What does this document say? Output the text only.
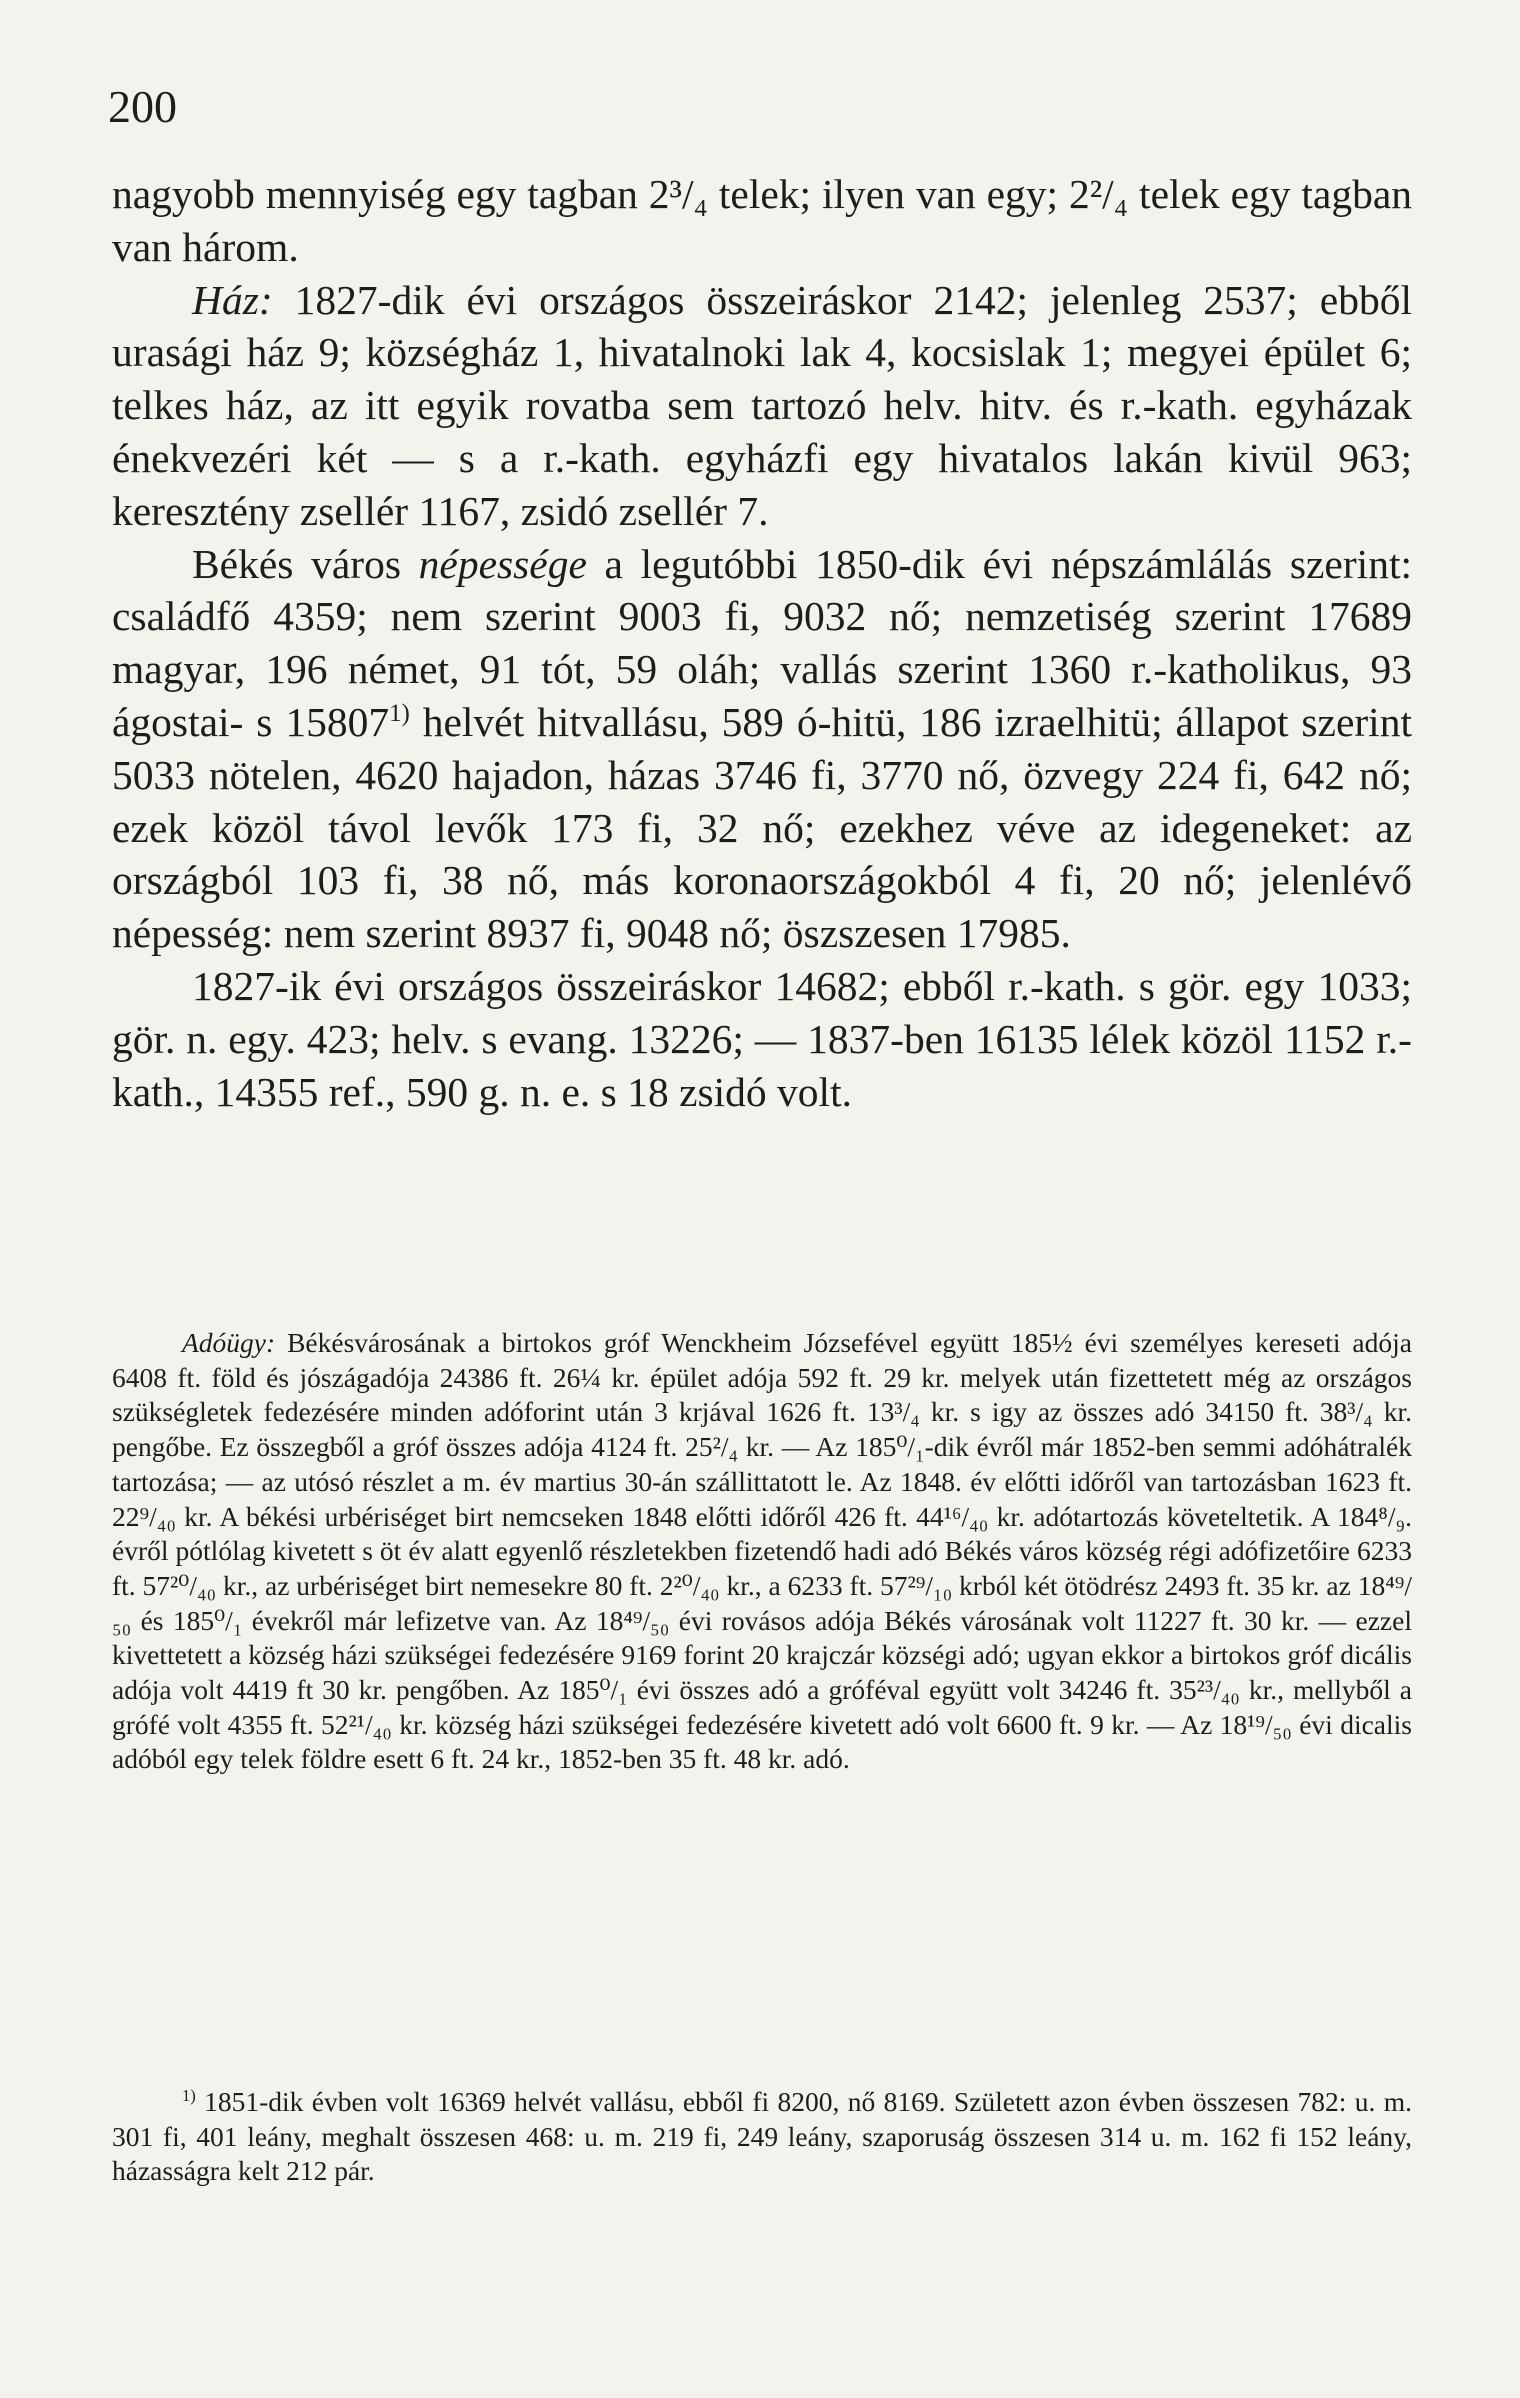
200

nagyobb mennyiség egy tagban 2³/₄ telek; ilyen van egy; 2²/₄ telek egy tagban van három.

Ház: 1827-dik évi országos összeiráskor 2142; jelenleg 2537; ebből urasági ház 9; községház 1, hivatalnoki lak 4, kocsislak 1; megyei épület 6; telkes ház, az itt egyik rovatba sem tartozó helv. hitv. és r.-kath. egyházak énekvezéri két — s a r.-kath. egyházfi egy hivatalos lakán kivül 963; keresztény zsellér 1167, zsidó zsellér 7.

Békés város népessége a legutóbbi 1850-dik évi népszámlálás szerint: családfő 4359; nem szerint 9003 fi, 9032 nő; nemzetiség szerint 17689 magyar, 196 német, 91 tót, 59 oláh; vallás szerint 1360 r.-katholikus, 93 ágostai- s 15807$^{1)}$ helvét hitvallásu, 589 ó-hitü, 186 izraelhitü; állapot szerint 5033 nötelen, 4620 hajadon, házas 3746 fi, 3770 nő, özvegy 224 fi, 642 nő; ezek közöl távol levők 173 fi, 32 nő; ezekhez véve az idegeneket: az országból 103 fi, 38 nő, más koronaországokból 4 fi, 20 nő; jelenlévő népesség: nem szerint 8937 fi, 9048 nő; öszszesen 17985.

1827-ik évi országos összeiráskor 14682; ebből r.-kath. s gör. egy 1033; gör. n. egy. 423; helv. s evang. 13226; — 1837-ben 16135 lélek közöl 1152 r.-kath., 14355 ref., 590 g. n. e. s 18 zsidó volt.

Adóügy: Békésvárosának a birtokos gróf Wenckheim Józsefével együtt 185½ évi személyes kereseti adója 6408 ft. föld és jószágadója 24386 ft. 26¼ kr. épület adója 592 ft. 29 kr. melyek után fizettetett még az országos szükségletek fedezésére minden adóforint után 3 krjával 1626 ft. 13³/₄ kr. s igy az összes adó 34150 ft. 38³/₄ kr. pengőbe. Ez összegből a gróf összes adója 4124 ft. 25²/₄ kr. — Az 185⁰/₁-dik évről már 1852-ben semmi adóhátralék tartozása; — az utósó részlet a m. év martius 30-án szállittatott le. Az 1848. év előtti időről van tartozásban 1623 ft. 22⁹/₄₀ kr. A békési urbériséget birt nemcseken 1848 előtti időről 426 ft. 44¹⁶/₄₀ kr. adótartozás követeltetik. A 184⁸/₉. évről pótlólag kivetett s öt év alatt egyenlő részletekben fizetendő hadi adó Békés város község régi adófizetőire 6233 ft. 57²⁰/₄₀ kr., az urbériséget birt nemesekre 80 ft. 2²⁰/₄₀ kr., a 6233 ft. 57²⁹/₁₀ krból két ötödrész 2493 ft. 35 kr. az 18⁴⁹/₅₀ és 185⁰/₁ évekről már lefizetve van. Az 18⁴⁹/₅₀ évi rovásos adója Békés városának volt 11227 ft. 30 kr. — ezzel kivettetett a község házi szükségei fedezésére 9169 forint 20 krajczár községi adó; ugyan ekkor a birtokos gróf dicális adója volt 4419 ft 30 kr. pengőben. Az 185⁰/₁ évi összes adó a gróféval együtt volt 34246 ft. 35²³/₄₀ kr., mellyből a grófé volt 4355 ft. 52²¹/₄₀ kr. község házi szükségei fedezésére kivetett adó volt 6600 ft. 9 kr. — Az 18¹⁹/₅₀ évi dicalis adóból egy telek földre esett 6 ft. 24 kr., 1852-ben 35 ft. 48 kr. adó.

$^{1)}$ 1851-dik évben volt 16369 helvét vallásu, ebből fi 8200, nő 8169. Született azon évben összesen 782: u. m. 301 fi, 401 leány, meghalt összesen 468: u. m. 219 fi, 249 leány, szaporuság összesen 314 u. m. 162 fi 152 leány, házasságra kelt 212 pár.
